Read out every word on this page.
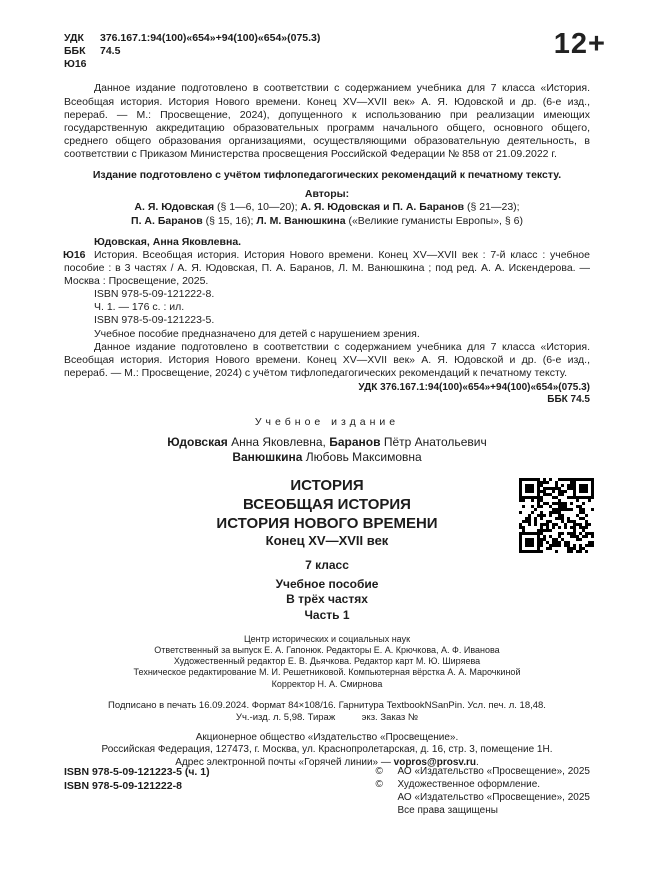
12+
УДК	376.167.1:94(100)«654»+94(100)«654»(075.3)
ББК	74.5
Ю16

Данное издание подготовлено в соответствии с содержанием учебника для 7 класса «История. Всеобщая история. История Нового времени. Конец XV—XVII век» А. Я. Юдовской и др. (6-е изд., перераб. — М.: Просвещение, 2024), допущенного к использованию при реализации имеющих государственную аккредитацию образовательных программ начального общего, основного общего, среднего общего образования организациями, осуществляющими образовательную деятельность, в соответствии с Приказом Министерства просвещения Российской Федерации № 858 от 21.09.2022 г.

Издание подготовлено с учётом тифлопедагогических рекомендаций к печатному тексту.
Авторы:
А. Я. Юдовская (§ 1—6, 10—20); А. Я. Юдовская и П. А. Баранов (§ 21—23);
П. А. Баранов (§ 15, 16); Л. М. Ванюшкина («Великие гуманисты Европы», § 6)
Ю16
Юдовская, Анна Яковлевна.

История. Всеобщая история. История Нового времени. Конец XV—XVII век : 7-й класс : учебное пособие : в 3 частях / А. Я. Юдовская, П. А. Баранов, Л. М. Ванюшкина ; под ред. А. А. Искендерова. — Москва : Просвещение, 2025.

ISBN 978-5-09-121222-8.
Ч. 1. — 176 с. : ил.
ISBN 978-5-09-121223-5.
Учебное пособие предназначено для детей с нарушением зрения.

Данное издание подготовлено в соответствии с содержанием учебника для 7 класса «История. Всеобщая история. История Нового времени. Конец XV—XVII век» А. Я. Юдовской и др. (6-е изд., перераб. — М.: Просвещение, 2024) с учётом тифлопедагогических рекомендаций к печатному тексту.

УДК 376.167.1:94(100)«654»+94(100)«654»(075.3)
ББК 74.5
Учебное издание
Юдовская Анна Яковлевна, Баранов Пётр Анатольевич
Ванюшкина Любовь Максимовна
ИСТОРИЯ
ВСЕОБЩАЯ ИСТОРИЯ
ИСТОРИЯ НОВОГО ВРЕМЕНИ
Конец XV—XVII век
7 класс
Учебное пособие
В трёх частях
Часть 1
Центр исторических и социальных наук
Ответственный за выпуск Е. А. Гапонюк. Редакторы Е. А. Крючкова, А. Ф. Иванова
Художественный редактор Е. В. Дьячкова. Редактор карт М. Ю. Ширяева
Техническое редактирование М. И. Решетниковой. Компьютерная вёрстка А. А. Марочкиной
Корректор Н. А. Смирнова
Подписано в печать 16.09.2024. Формат 84×108/16. Гарнитура TextbookNSanPin. Усл. печ. л. 18,48.
Уч.-изд. л. 5,98. Тираж          экз. Заказ №
Акционерное общество «Издательство «Просвещение».
Российская Федерация, 127473, г. Москва, ул. Краснопролетарская, д. 16, стр. 3, помещение 1Н.
Адрес электронной почты «Горячей линии» — vopros@prosv.ru.
ISBN 978-5-09-121223-5 (ч. 1)
ISBN 978-5-09-121222-8
©	АО «Издательство «Просвещение», 2025
©	Художественное оформление.
АО «Издательство «Просвещение», 2025
Все права защищены
